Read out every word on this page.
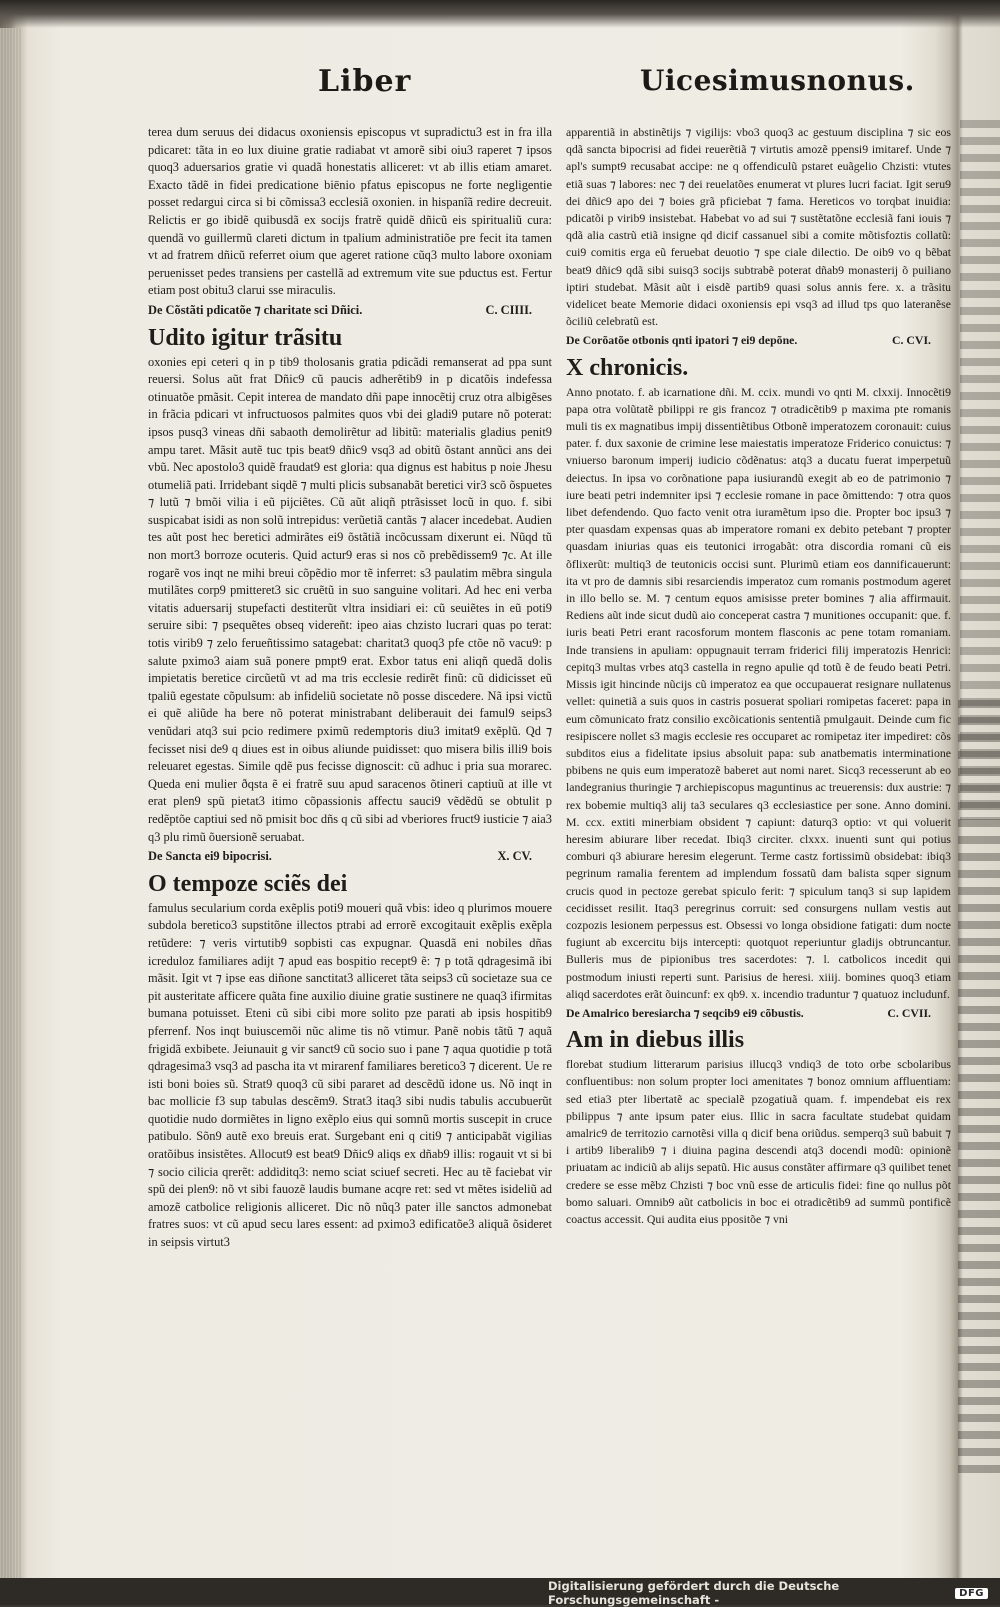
Liber	Uicesimusnonus.

terea dum seruus dei didacus oxoniensis episcopus vt supradictu3 est in fra illa pdicaret: tãta in eo lux diuine gratie radiabat vt amorẽ sibi oiu3 raperet ⁊ ipsos quoq3 aduersarios gratie vi quadã honestatis alliceret: vt ab illis etiam amaret. Exacto tãdẽ in fidei predicatione biēnio pfatus episcopus ne forte negligentie posset redargui circa si bi cõmissa3 ecclesiã oxonien. in hispanîã redire decreuit. Relictis er go ibidẽ quibusdã ex socijs fratrẽ quidẽ dñicũ eis spiritualiũ cura: quendã vo guillermũ clareti dictum in tpalium administratiõe pre fecit ita tamen vt ad fratrem dñicũ referret oium que ageret ratione cũq3 multo labore oxoniam peruenisset pedes transiens per castellã ad extremum vite sue pductus est. Fertur etiam post obitu3 clarui sse miraculis.

De Cõstãti pdicatõe ⁊ charitate sci Dñici.	C. CIIII.
Udito igitur trãsitu

oxonies epi ceteri q in p tib9 tholosanis gratia pdicãdi remanserat ad ppa sunt reuersi. Solus aũt frat Dñic9 cũ paucis adherẽtib9 in p dicatõis indefessa otinuatõe pmãsit. Cepit interea de mandato dñi pape innocẽtij cruz otra albigẽses in frãcia pdicari vt infructuosos palmites quos vbi dei gladi9 putare nõ poterat: ipsos pusq3 vineas dñi sabaoth demolirẽtur ad libitũ: materialis gladius penit9 ampu taret. Mãsit autẽ tuc tpis beat9 dñic9 vsq3 ad obitũ õstant annũci ans dei vbũ. Nec apostolo3 quidẽ fraudat9 est gloria: qua dignus est habitus p noie Jhesu otumeliã pati. Irridebant siqdẽ ⁊ multi plicis subsanabãt beretici vir3 scõ õspuetes ⁊ lutũ ⁊ bmõi vilia i eũ pijciẽtes. Cũ aũt aliqñ ptrãsisset locũ in quo. f. sibi suspicabat isidi as non solũ intrepidus: verũetiã cantãs ⁊ alacer incedebat. Audien tes aũt post hec beretici admirãtes ei9 õstãtiã incõcussam dixerunt ei. Nũqd tũ non mort3 borroze ocuteris. Quid actur9 eras si nos cõ prebẽdissem9 ⁊c. At ille rogarẽ vos inqt ne mihi breui cõpẽdio mor tẽ inferret: s3 paulatim mẽbra singula mutilãtes corp9 pmitteret3 sic cruẽtũ in suo sanguine volitari. Ad hec eni verba vitatis aduersarij stupefacti destiterũt vltra insidiari ei: cũ seuiẽtes in eũ poti9 seruire sibi: ⁊ psequẽtes obseq videreñt: ipeo aias chzisto lucrari quas po terat: totis virib9 ⁊ zelo ferueñtissimo satagebat: charitat3 quoq3 pfe ctõe nõ vacu9: p salute pximo3 aiam suã ponere pmpt9 erat. Exbor tatus eni aliqñ quedã dolis impietatis beretice circũetũ vt ad ma tris ecclesie redirẽt finũ: cũ didicisset eũ tpaliũ egestate cõpulsum: ab infideliũ societate nõ posse discedere. Nã ipsi victũ ei quẽ aliũde ha bere nõ poterat ministrabant deliberauit dei famul9 seips3 venũdari atq3 sui pcio redimere pximũ redemptoris diu3 imitat9 exẽplũ. Qd ⁊ fecisset nisi de9 q diues est in oibus aliunde puidisset: quo misera bilis illi9 bois releuaret egestas. Simile qdẽ pus fecisse dignoscit: cũ adhuc i pria sua morarec. Queda eni mulier ðqsta ẽ ei fratrẽ suu apud saracenos õtineri captiuũ at ille vt erat plen9 spũ pietat3 itimo cõpassionis affectu sauci9 vẽdẽdũ se obtulit p redẽptõe captiui sed nõ pmisit boc dñs q cũ sibi ad vberiores fruct9 iusticie ⁊ aia3 q3 plu rimũ õuersionẽ seruabat.

De Sancta ei9 bipocrisi.	X. CV.
O tempoze sciẽs dei

famulus secularium corda exẽplis poti9 moueri quã vbis: ideo q plurimos mouere subdola beretico3 supstitõne illectos ptrabi ad errorẽ excogitauit exẽplis exẽpla retũdere: ⁊ veris virtutib9 sopbisti cas expugnar. Quasdã eni nobiles dñas icreduloz familiares adijt ⁊ apud eas bospitio recept9 ẽ: ⁊ p totã qdragesimã ibi mãsit. Igit vt ⁊ ipse eas diñone sanctitat3 alliceret tãta seips3 cũ societaze sua ce pit austeritate afficere quãta fine auxilio diuine gratie sustinere ne quaq3 ifirmitas bumana potuisset. Eteni cũ sibi cibi more solito pze parati ab ipsis hospitib9 pferrenf. Nos inqt buiuscemõi nũc alime tis nõ vtimur. Panẽ nobis tãtũ ⁊ aquã frigidã exbibete. Jeiunauit g vir sanct9 cũ socio suo i pane ⁊ aqua quotidie p totã qdragesima3 vsq3 ad pascha ita vt mirarenf familiares beretico3 ⁊ dicerent. Ue re isti boni boies sũ. Strat9 quoq3 cũ sibi pararet ad descẽdũ idone us. Nõ inqt in bac mollicie f3 sup tabulas descẽm9. Strat3 itaq3 sibi nudis tabulis accubuerũt quotidie nudo dormiẽtes in ligno exẽplo eius qui somnũ mortis suscepit in cruce patibulo. Sõn9 autẽ exo breuis erat. Surgebant eni q citi9 ⁊ anticipabãt vigilias oratõibus insistẽtes. Allocut9 est beat9 Dñic9 aliqs ex dñab9 illis: rogauit vt si bi ⁊ socio cilicia qrerẽt: addiditq3: nemo sciat sciuef secreti. Hec au tẽ faciebat vir spũ dei plen9: nõ vt sibi fauozẽ laudis bumane acqre ret: sed vt mẽtes isideliũ ad amozẽ catbolice religionis alliceret. Dic nõ nũq3 pater ille sanctos admonebat fratres suos: vt cũ apud secu lares essent: ad pximo3 edificatõe3 aliquã õsideret in seipsis virtut3

apparentiã in abstinẽtijs ⁊ vigilijs: vbo3 quoq3 ac gestuum disciplina ⁊ sic eos qdã sancta bipocrisi ad fidei reuerẽtiã ⁊ virtutis amozẽ ppensi9 imitaref. Unde ⁊ apl's sumpt9 recusabat accipe: ne q offendiculũ pstaret euãgelio Chzisti: vtutes etiã suas ⁊ labores: nec ⁊ dei reuelatões enumerat vt plures lucri faciat. Igit seru9 dei dñic9 apo dei ⁊ boies grã pficiebat ⁊ fama. Hereticos vo torqbat inuidia: pdicatõi p virib9 insistebat. Habebat vo ad sui ⁊ sustẽtatõne ecclesiã fani iouis ⁊ qdã alia castrũ etiã insigne qd dicif cassanuel sibi a comite mõtisfoztis collatũ: cui9 comitis erga eũ feruebat deuotio ⁊ spe ciale dilectio. De oib9 vo q bẽbat beat9 dñic9 qdã sibi suisq3 socijs subtrabẽ poterat dñab9 monasterij õ puiliano iptiri studebat. Mãsit aũt i eisdẽ partib9 quasi solus annis fere. x. a trãsitu videlicet beate Memorie didaci oxoniensis epi vsq3 ad illud tps quo lateranẽse õciliũ celebratũ est.

De Corõatõe otbonis qnti ipatori ⁊ ei9 depõne.	C. CVI.
X chronicis.

Anno pnotato. f. ab icarnatione dñi. M. ccix. mundi vo qnti M. clxxij. Innocẽti9 papa otra volũtatẽ pbilippi re gis francoz ⁊ otradicẽtib9 p maxima pte romanis muli tis ex magnatibus impij dissentiẽtibus Otbonẽ imperatozem coronauit: cuius pater. f. dux saxonie de crimine lese maiestatis imperatoze Friderico conuictus: ⁊ vniuerso baronum imperij iudicio cõdẽnatus: atq3 a ducatu fuerat imperpetuũ deiectus. In ipsa vo corõnatione papa iusiurandũ exegit ab eo de patrimonio ⁊ iure beati petri indemniter ipsi ⁊ ecclesie romane in pace õmittendo: ⁊ otra quos libet defendendo. Quo facto venit otra iuramẽtum ipso die. Propter boc ipsu3 ⁊ pter quasdam expensas quas ab imperatore romani ex debito petebant ⁊ propter quasdam iniurias quas eis teutonici irrogabãt: otra discordia romani cũ eis õflixerũt: multiq3 de teutonicis occisi sunt. Plurimũ etiam eos dannificauerunt: ita vt pro de damnis sibi resarciendis imperatoz cum romanis postmodum ageret in illo bello se. M. ⁊ centum equos amisisse preter bomines ⁊ alia affirmauit. Rediens aũt inde sicut dudũ aio conceperat castra ⁊ munitiones occupanit: que. f. iuris beati Petri erant racosforum montem flasconis ac pene totam romaniam. Inde transiens in apuliam: oppugnauit terram friderici filij imperatozis Henrici: cepitq3 multas vrbes atq3 castella in regno apulie qd totũ ẽ de feudo beati Petri. Missis igit hincinde nũcijs cũ imperatoz ea que occupauerat resignare nullatenus vellet: quinetiã a suis quos in castris posuerat spoliari romipetas faceret: papa in eum cõmunicato fratz consilio excõicationis sententiã pmulgauit. Deinde cum fic resipiscere nollet s3 magis ecclesie res occuparet ac romipetaz iter impediret: cõs subditos eius a fidelitate ipsius absoluit papa: sub anatbematis interminatione pbibens ne quis eum imperatozẽ baberet aut nomi naret. Sicq3 recesserunt ab eo landegranius thuringie ⁊ archiepiscopus maguntinus ac treuerensis: dux austrie: ⁊ rex bobemie multiq3 alij ta3 seculares q3 ecclesiastice per sone. Anno domini. M. ccx. extiti minerbiam obsident ⁊ capiunt: daturq3 optio: vt qui voluerit heresim abiurare liber recedat. Ibiq3 circiter. clxxx. inuenti sunt qui potius comburi q3 abiurare heresim elegerunt. Terme castz fortissimũ obsidebat: ibiq3 pegrinum ramalia ferentem ad implendum fossatũ dam balista sqper signum crucis quod in pectoze gerebat spiculo ferit: ⁊ spiculum tanq3 si sup lapidem cecidisset resilit. Itaq3 peregrinus corruit: sed consurgens nullam vestis aut cozpozis lesionem perpessus est. Obsessi vo longa obsidione fatigati: dum nocte fugiunt ab excercitu bijs intercepti: quotquot reperiuntur gladijs obtruncantur. Bulleris mus de pipionibus tres sacerdotes: ⁊. l. catbolicos incedit qui postmodum iniusti reperti sunt. Parisius de heresi. xiiij. bomines quoq3 etiam aliqd sacerdotes erãt õuincunf: ex qb9. x. incendio traduntur ⁊ quatuoz includunf.

De Amalrico beresiarcha ⁊ seqcib9 ei9 cõbustis.	C. CVII.
Am in diebus illis

florebat studium litterarum parisius illucq3 vndiq3 de toto orbe scbolaribus confluentibus: non solum propter loci amenitates ⁊ bonoz omnium affluentiam: sed etia3 pter libertatẽ ac specialẽ pzogatiuã quam. f. impendebat eis rex pbilippus ⁊ ante ipsum pater eius. Illic in sacra facultate studebat quidam amalric9 de territozio carnotẽsi villa q dicif bena oriũdus. semperq3 suũ babuit ⁊ i artib9 liberalib9 ⁊ i diuina pagina descendi atq3 docendi modũ: opinionẽ priuatam ac indiciũ ab alijs sepatũ. Hic ausus constãter affirmare q3 quilibet tenet credere se esse mẽbz Chzisti ⁊ boc vnũ esse de articulis fidei: fine qo nullus põt bomo saluari. Omnib9 aũt catbolicis in boc ei otradicẽtib9 ad summũ pontificẽ coactus accessit. Qui audita eius ppositõe ⁊ vni

Digitalisierung gefördert durch die Deutsche Forschungsgemeinschaft -	DFG
